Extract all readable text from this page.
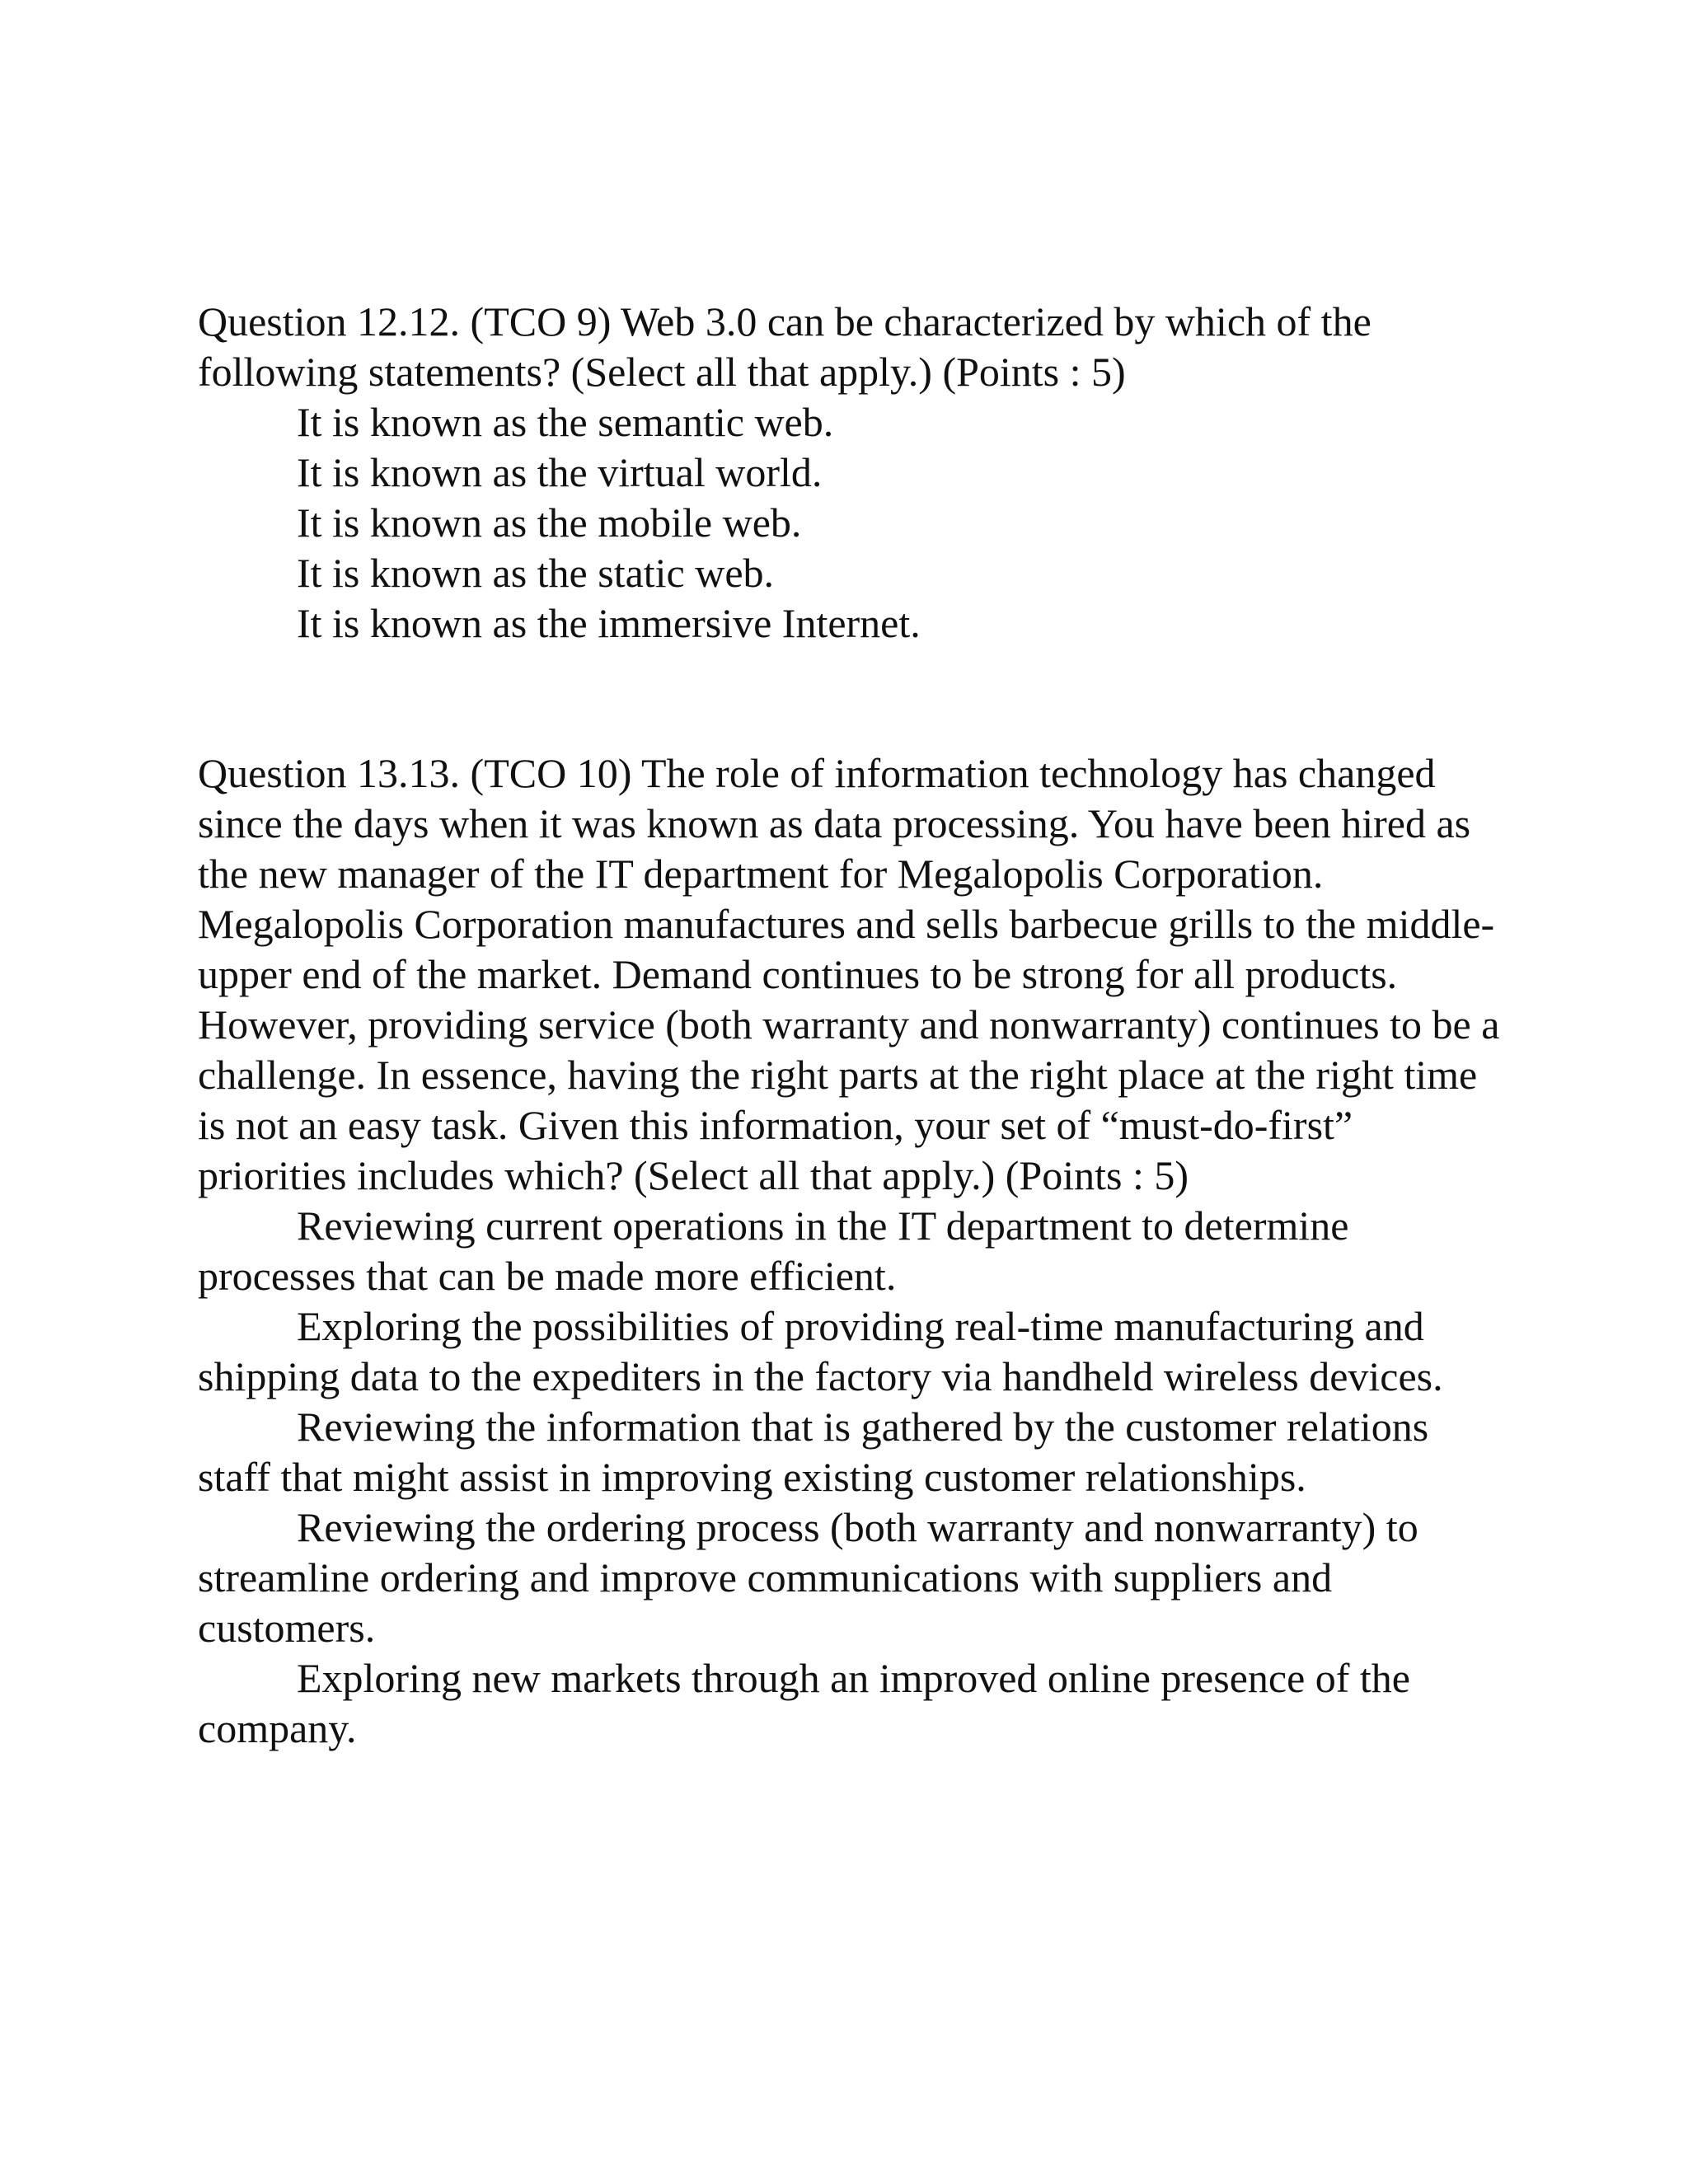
Question 12.12. (TCO 9) Web 3.0 can be characterized by which of the following statements? (Select all that apply.) (Points : 5)

It is known as the semantic web.

It is known as the virtual world.

It is known as the mobile web.

It is known as the static web.

It is known as the immersive Internet.

Question 13.13. (TCO 10) The role of information technology has changed since the days when it was known as data processing. You have been hired as the new manager of the IT department for Megalopolis Corporation. Megalopolis Corporation manufactures and sells barbecue grills to the middle-upper end of the market. Demand continues to be strong for all products. However, providing service (both warranty and nonwarranty) continues to be a challenge. In essence, having the right parts at the right place at the right time is not an easy task. Given this information, your set of “must-do-first” priorities includes which? (Select all that apply.) (Points : 5)

Reviewing current operations in the IT department to determine processes that can be made more efficient.

Exploring the possibilities of providing real-time manufacturing and shipping data to the expediters in the factory via handheld wireless devices.

Reviewing the information that is gathered by the customer relations staff that might assist in improving existing customer relationships.

Reviewing the ordering process (both warranty and nonwarranty) to streamline ordering and improve communications with suppliers and customers.

Exploring new markets through an improved online presence of the company.
